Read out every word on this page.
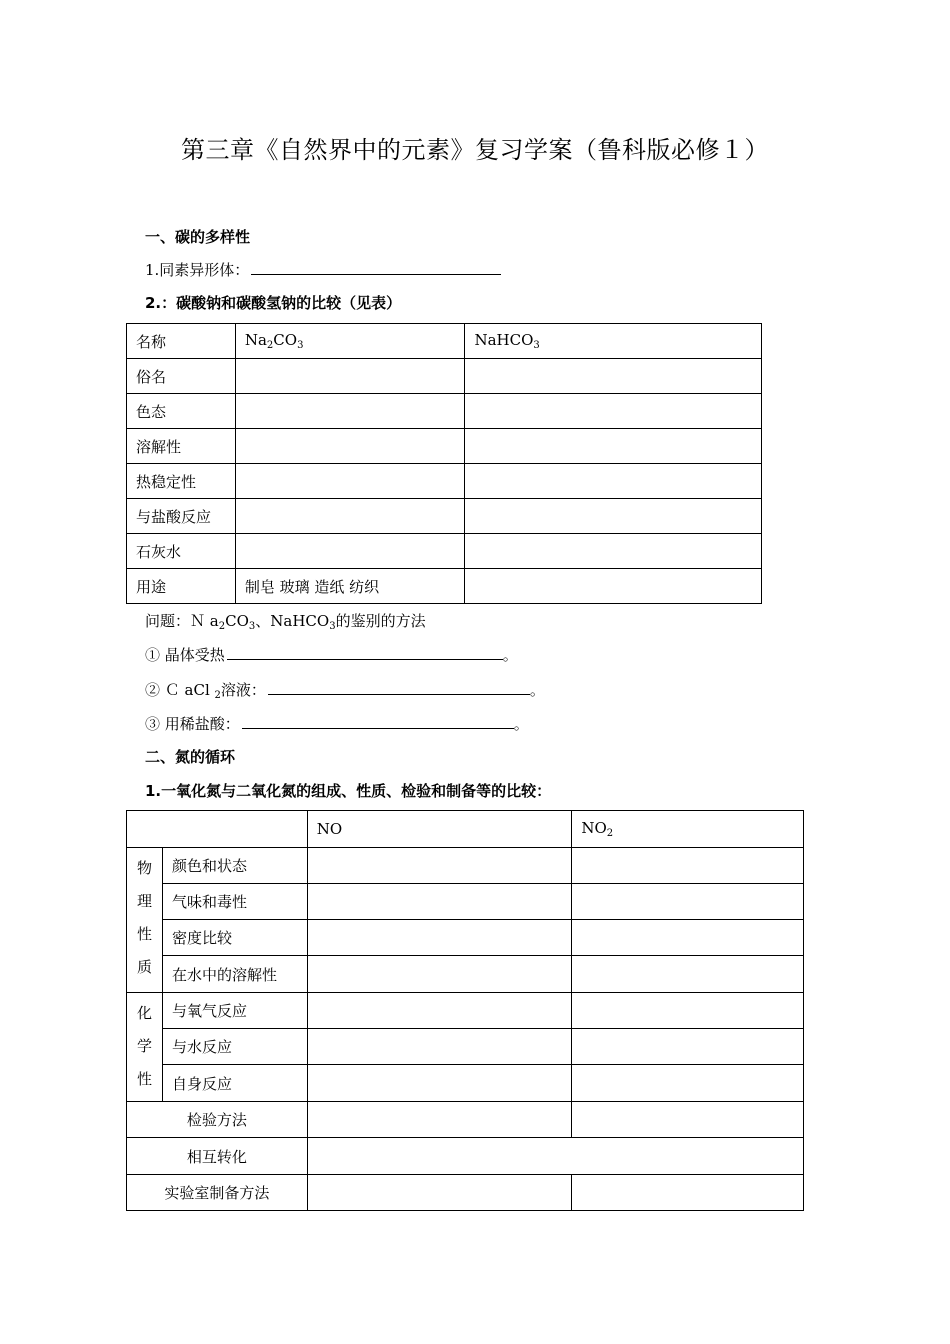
第三章《自然界中的元素》复习学案（鲁科版必修１）
一、碳的多样性
1.同素异形体：
2.：碳酸钠和碳酸氢钠的比较（见表）
名称	$Na_2CO_3$	NaHCO$_3$
俗名		
色态		
溶解性		
热稳定性		
与盐酸反应		
石灰水		
用途	制皂 玻璃 造纸 纺织	
问题：Ｎ $a_2CO_3$、NaHCO$_3$的鉴别的方法
① 晶体受热	。
② Ｃ aCl $_2$溶液：	。
③ 用稀盐酸：	。
二、氮的循环
1.一氧化氮与二氧化氮的组成、性质、检验和制备等的比较：
		NO	$NO_2$

物
理
性
质	颜色和状态		
	气味和毒性		
	密度比较		
	在水中的溶解性		

化
学
性	与氧气反应		
	与水反应		
	自身反应		
检验方法			
相互转化			
实验室制备方法			
